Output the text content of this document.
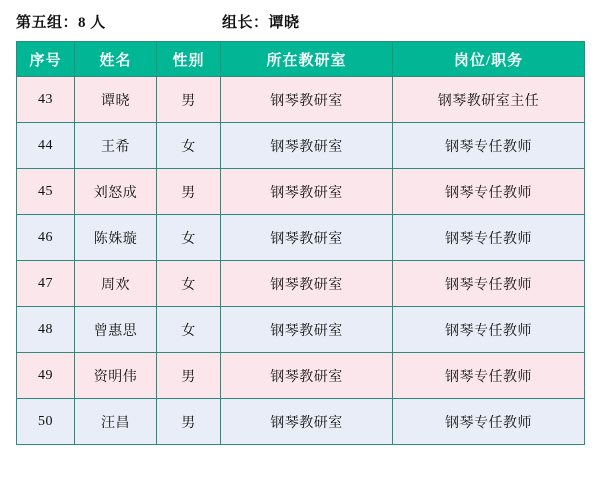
第五组：8 人	组长：谭晓
序号	姓名	性别	所在教研室	岗位/职务
43	谭晓	男	钢琴教研室	钢琴教研室主任
44	王希	女	钢琴教研室	钢琴专任教师
45	刘怒成	男	钢琴教研室	钢琴专任教师
46	陈姝璇	女	钢琴教研室	钢琴专任教师
47	周欢	女	钢琴教研室	钢琴专任教师
48	曾惠思	女	钢琴教研室	钢琴专任教师
49	资明伟	男	钢琴教研室	钢琴专任教师
50	汪昌	男	钢琴教研室	钢琴专任教师
